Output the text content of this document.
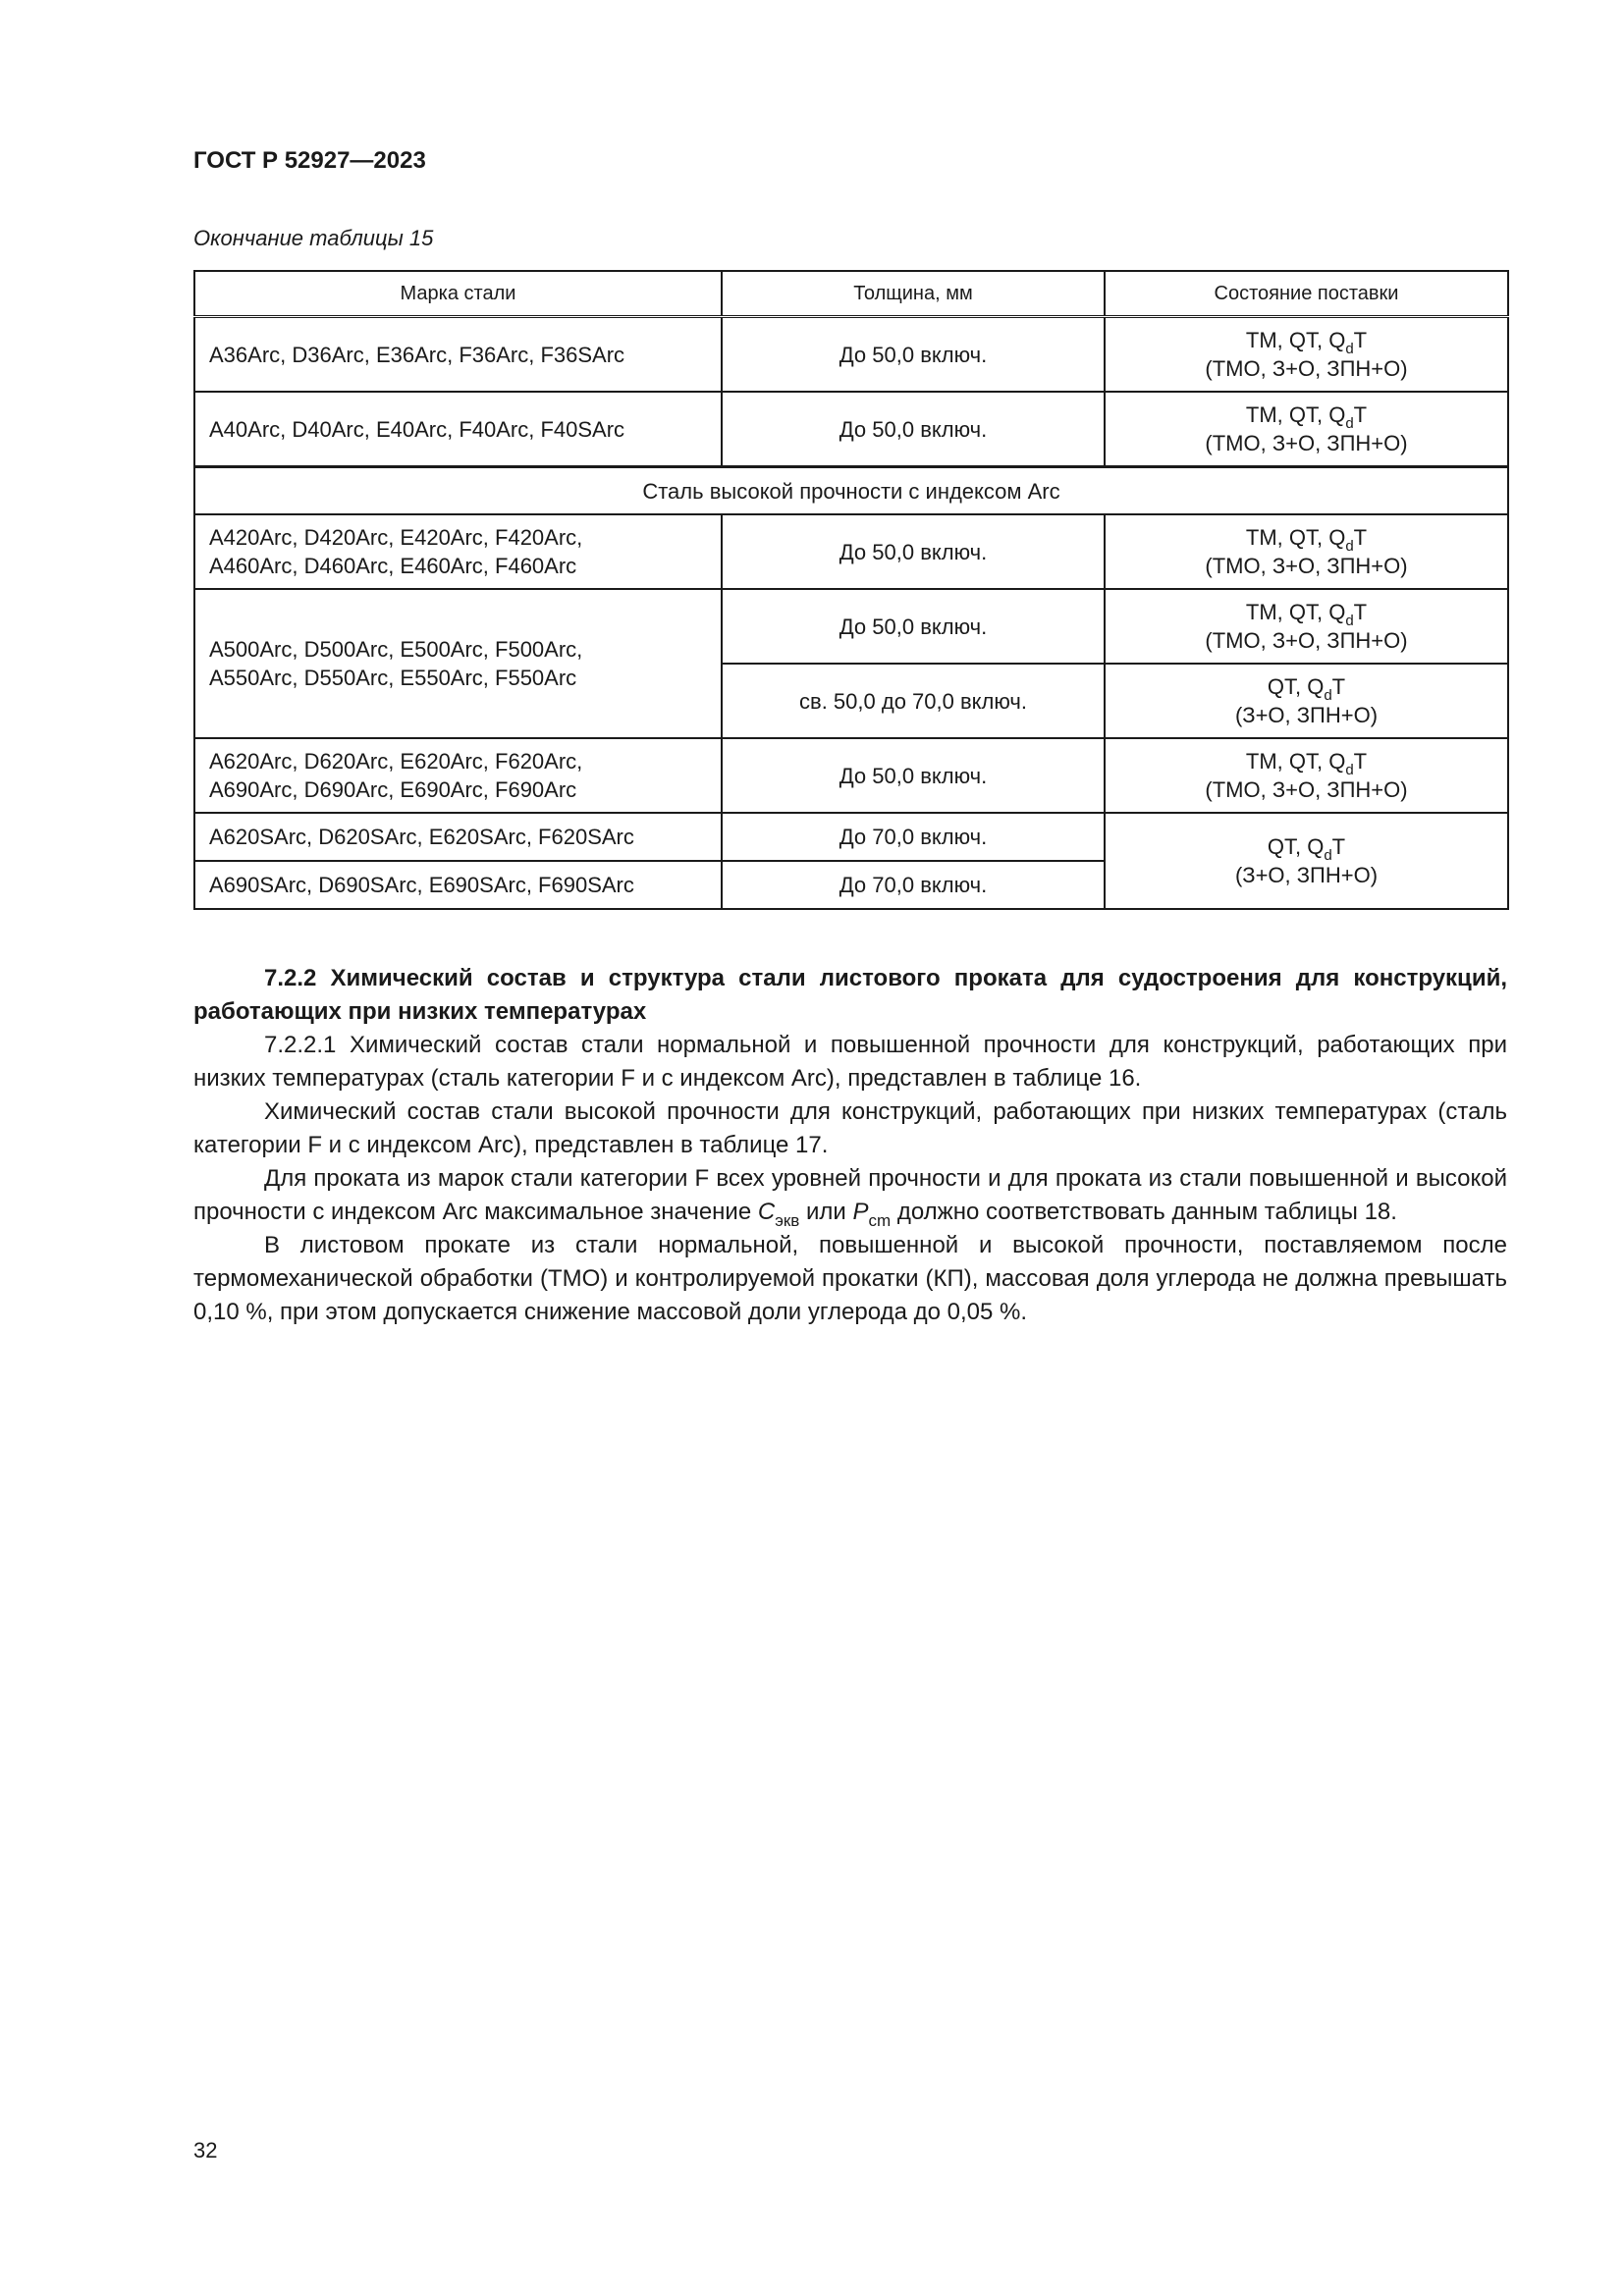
ГОСТ Р 52927—2023
Окончание таблицы 15
Марка стали	Толщина, мм	Состояние поставки
A36Arc, D36Arc, E36Arc, F36Arc, F36SArc	До 50,0 включ.	TM, QT, $Q_dT$
(ТМО, З+О, ЗПН+О)
A40Arc, D40Arc, E40Arc, F40Arc, F40SArc	До 50,0 включ.	TM, QT, $Q_dT$
(ТМО, З+О, ЗПН+О)
Сталь высокой прочности с индексом Arc		
A420Arc, D420Arc, E420Arc, F420Arc,
A460Arc, D460Arc, E460Arc, F460Arc	До 50,0 включ.	TM, QT, $Q_dT$
(ТМО, З+О, ЗПН+О)
A500Arc, D500Arc, E500Arc, F500Arc,
A550Arc, D550Arc, E550Arc, F550Arc	До 50,0 включ.	TM, QT, $Q_dT$
(ТМО, З+О, ЗПН+О)
	св. 50,0 до 70,0 включ.	QT, $Q_dT$
(З+О, ЗПН+О)
A620Arc, D620Arc, E620Arc, F620Arc,
A690Arc, D690Arc, E690Arc, F690Arc	До 50,0 включ.	TM, QT, $Q_dT$
(ТМО, З+О, ЗПН+О)
A620SArc, D620SArc, E620SArc, F620SArc	До 70,0 включ.	QT, $Q_dT$
(З+О, ЗПН+О)
A690SArc, D690SArc, E690SArc, F690SArc	До 70,0 включ.	

7.2.2 Химический состав и структура стали листового проката для судостроения для конструкций, работающих при низких температурах

7.2.2.1 Химический состав стали нормальной и повышенной прочности для конструкций, работающих при низких температурах (сталь категории F и с индексом Arc), представлен в таблице 16.

Химический состав стали высокой прочности для конструкций, работающих при низких температурах (сталь категории F и с индексом Arc), представлен в таблице 17.

Для проката из марок стали категории F всех уровней прочности и для проката из стали повышенной и высокой прочности с индексом Arc максимальное значение $C_{экв}$ или $P_{cm}$ должно соответствовать данным таблицы 18.

В листовом прокате из стали нормальной, повышенной и высокой прочности, поставляемом после термомеханической обработки (ТМО) и контролируемой прокатки (КП), массовая доля углерода не должна превышать 0,10 %, при этом допускается снижение массовой доли углерода до 0,05 %.

32
